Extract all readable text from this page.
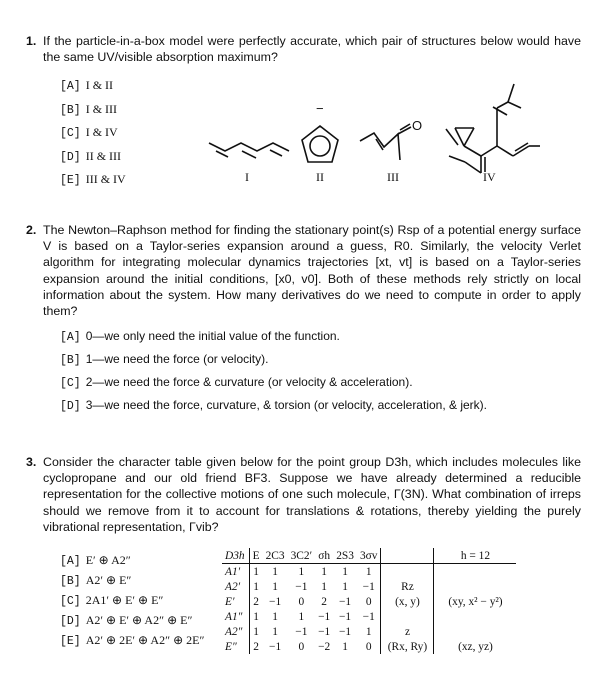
1. If the particle-in-a-box model were perfectly accurate, which pair of structures below would have the same UV/visible absorption maximum?
[A] I & II
[B] I & III
[C] I & IV
[D] II & III
[E] III & IV
−
O
I	II	III	IV
2. The Newton–Raphson method for finding the stationary point(s) Rsp of a potential energy surface V is based on a Taylor-series expansion around a guess, R0. Similarly, the velocity Verlet algorithm for integrating molecular dynamics trajectories [xt, vt] is based on a Taylor-series expansion around the initial conditions, [x0, v0]. Both of these methods rely strictly on local information about the system. How many derivatives do we need to compute in order to apply them?
[A] 0—we only need the initial value of the function.
[B] 1—we need the force (or velocity).
[C] 2—we need the force & curvature (or velocity & acceleration).
[D] 3—we need the force, curvature, & torsion (or velocity, acceleration, & jerk).
3. Consider the character table given below for the point group D3h, which includes molecules like cyclopropane and our old friend BF3. Suppose we have already determined a reducible representation for the collective motions of one such molecule, Γ(3N). What combination of irreps should we remove from it to account for translations & rotations, thereby yielding the purely vibrational representation, Γvib?
[A] E′ ⊕ A2″
[B] A2′ ⊕ E″
[C] 2A1′ ⊕ E′ ⊕ E″
[D] A2′ ⊕ E′ ⊕ A2″ ⊕ E″
[E] A2′ ⊕ 2E′ ⊕ A2″ ⊕ 2E″
D3h	E	2C3	3C2′	σh	2S3	3σv		h = 12
A1′	1	1	1	1	1	1		
A2′	1	1	−1	1	1	−1	Rz	
E′	2	−1	0	2	−1	0	(x, y)	(xy, x² − y²)
A1″	1	1	1	−1	−1	−1		
A2″	1	1	−1	−1	−1	1	z	
E″	2	−1	0	−2	1	0	(Rx, Ry)	(xz, yz)
